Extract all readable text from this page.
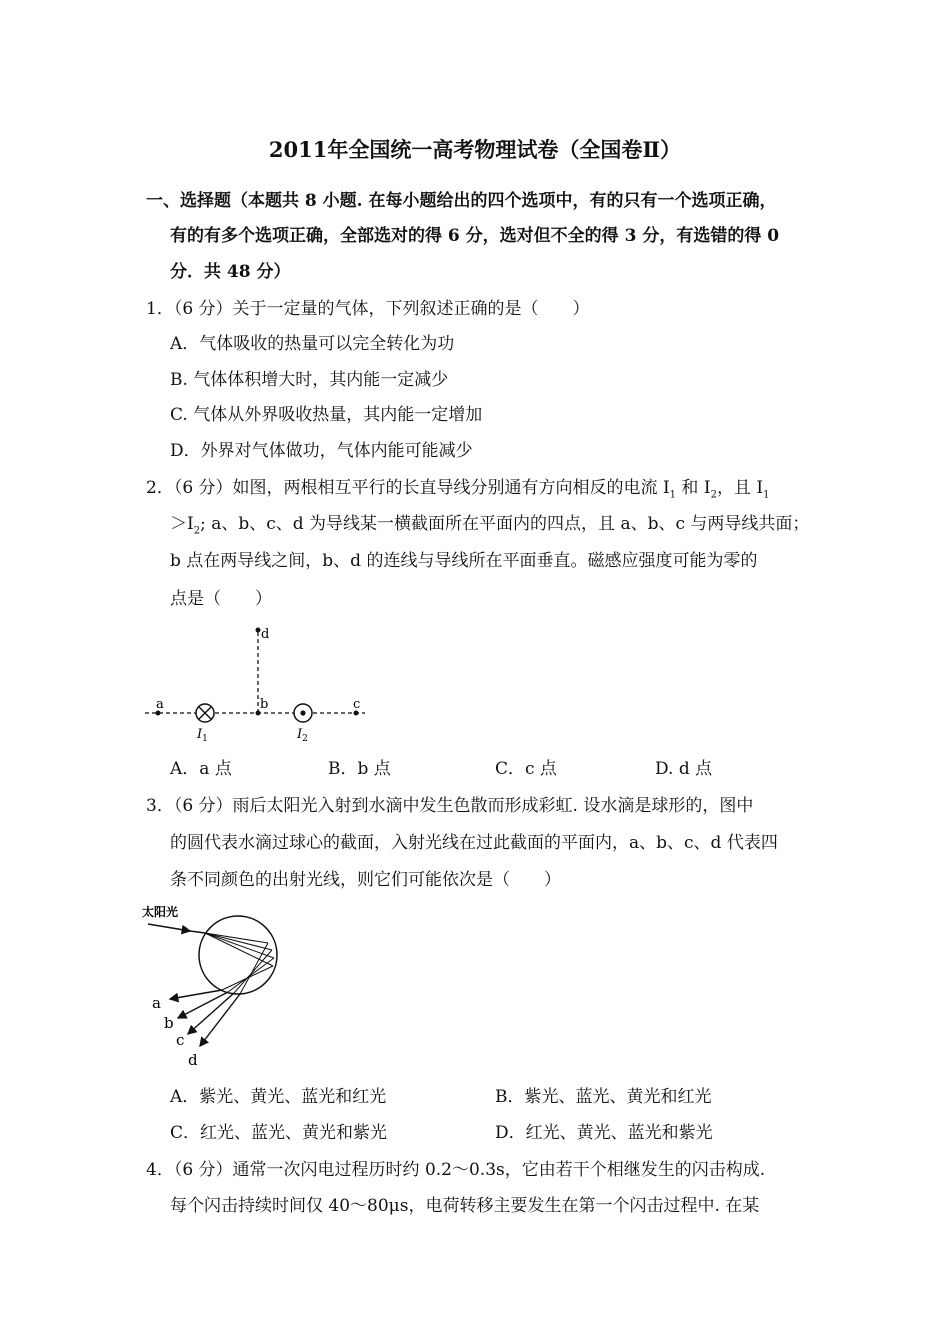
2011年全国统一高考物理试卷（全国卷Ⅱ）
一、选择题（本题共 8 小题. 在每小题给出的四个选项中，有的只有一个选项正确，
有的有多个选项正确，全部选对的得 6 分，选对但不全的得 3 分，有选错的得 0
分．共 48 分）
1．（6 分）关于一定量的气体，下列叙述正确的是（　　）
A．气体吸收的热量可以完全转化为功
B. 气体体积增大时，其内能一定减少
C. 气体从外界吸收热量，其内能一定增加
D．外界对气体做功，气体内能可能减少
2．（6 分）如图，两根相互平行的长直导线分别通有方向相反的电流 $I_1$ 和 $I_2$，且 $I_1$
$>I_2$; a、b、c、d 为导线某一横截面所在平面内的四点，且 a、b、c 与两导线共面；
b 点在两导线之间，b、d 的连线与导线所在平面垂直。磁感应强度可能为零的
点是（　　）
a	b	c
d
$I_1$	$I_2$
A．a 点	B．b 点	C．c 点	D. d 点
3．（6 分）雨后太阳光入射到水滴中发生色散而形成彩虹. 设水滴是球形的，图中
的圆代表水滴过球心的截面，入射光线在过此截面的平面内，a、b、c、d 代表四
条不同颜色的出射光线，则它们可能依次是（　　）
太阳光
a
b
c
d
A．紫光、黄光、蓝光和红光	B．紫光、蓝光、黄光和红光
C．红光、蓝光、黄光和紫光	D．红光、黄光、蓝光和紫光
4．（6 分）通常一次闪电过程历时约 0.2～0.3s，它由若干个相继发生的闪击构成.
每个闪击持续时间仅 40～80μs，电荷转移主要发生在第一个闪击过程中. 在某
